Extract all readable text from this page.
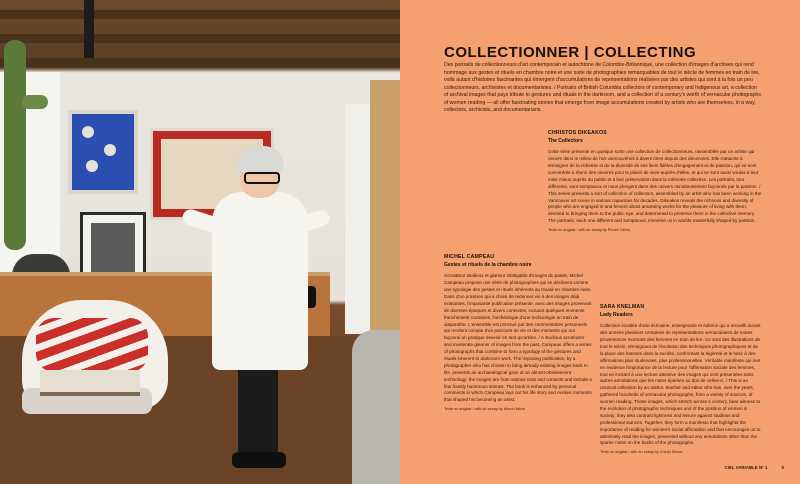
COLLECTIONNER | COLLECTING
Des portraits de collectionneurs d'art contemporain et autochtone de Colombie-Britannique, une collection d'images d'archives qui rend hommage aux gestes et rituels en chambre noire et une suite de photographies remarquables de tout le siècle de femmes en train de lire, voilà autant d'histoires fascinantes qui émergent d'accumulations de représentations réalisées par des artistes qui sont à la fois un peu collectionneurs, archivistes et documentaristes. / Portraits of British Columbia collectors of contemporary and Indigenous art, a collection of archival images that pays tribute to gestures and rituals in the darkroom, and a collection of a century's worth of vernacular photographs of women reading — all offer fascinating stories that emerge from image accumulations created by artists who are themselves, in a way, collectors, archivists, and documentarians.
CHRISTOS DIKEAKOS
The Collectors

Cette série présente en quelque sorte une collection de collectionneurs, rassemblée par un artiste qui oeuvre dans le milieu de l'art vancouvérois à divers titres depuis des décennies. Elle s'attache à témoigner de la richesse et de la diversité de ses liens fidèles d'engagement et de passion, qui se sont concentrés à réunir des oeuvres pour le plaisir de vivre auprès d'elles, et qui se sont aussi voulus à leur mise mieux auprès du public et à leur préservation dans la mémoire collective. Les portraits, tour différents, sont somptueux et nous plongent dans des univers minutieusement façonnés par la passion. / This series presents a sort of collection of collectors, assembled by an artist who has been working in the Vancouver art scene in various capacities for decades. Dikeakos reveals the richness and diversity of people who are engaged in and fervent about amassing works for the pleasure of living with them, devoted to bringing them to the public eye, and determined to preserve them in the collective memory. The portraits, each one different and sumptuous, immerse us in worlds masterfully shaped by passion.

Texte en anglais / with an essay by Renee Henry
MICHEL CAMPEAU
Gestes et rituels de la chambre noire

Scrutateur studieux et glaneur infatigable d'images du passé, Michel Campeau propose une série de photographies qui se déclinent comme une typologie des gestes et rituels inhérents au travail en chambre noire. Dans d'un praticien qui a choisi de redonner vie à des images déjà existantes, l'imposante publication présente, avec des images provenant de diverses époques et divers contextes, incluant quelques moments franchement cocasses, l'archéologie d'une technologie en train de disparaître. L'ensemble est ponctué par des commentaires personnels qui rendent compte d'un parcours de vie et des moments qui ont façonné un pratique devenir en tant qu'artiste. / A studious scrutinizer and inveterate gleaner of images from the past, Campeau offers a series of photographs that combine to form a typology of the gestures and rituals inherent to darkroom work. The imposing publication, by a photographer who has chosen to bring already existing images back to life, presents an archaeological gaze at an almost-obsolescent technology; the images are from various eras and contexts and include a few frankly humorous scenes. The book is enhanced by personal comments in which Campeau lays out his life story and evokes moments that shaped his becoming an artist.

Texte en anglais / with an essay by Mona Hakim
SARA KNELMAN
Lady Readers

Collection inusitée d'une écrivaine, enseignante et éditrice qui a recueilli durant des années plusieurs centaines de représentations vernaculaires de toutes provenances montrant des femmes en train de lire. Ce sont des illustrations de tout le siècle, témoignant de l'évolution des techniques photographiques et de la place des femmes dans la société, confrontant la légèreté et le loisir à des affirmations plus studieuses, plus professionnelles. Véritable manifeste qui met en évidence l'importance de la lecture pour l'affirmation sociale des femmes, tout en incitant à une lecture attentive des images qui sont présentées sans autres annotations que les notes éparses au dos de celles-ci. / This is an unusual collection by an author, teacher and editor who has, over the years, gathered hundreds of vernacular photographs, from a variety of sources, of women reading. These images, which stretch across a century, bear witness to the evolution of photographic techniques and of the position of women in society; they also contrast lightness and leisure against studious and professional stances. Together, they form a manifesto that highlights the importance of reading for women's social affirmation and that encourages us to attentively read the images, presented without any annotations other than the sparse notes on the backs of the photographs.

Texte en anglais / with an essay by Cheryl Simon
CIEL VARIABLE N° 1	5
